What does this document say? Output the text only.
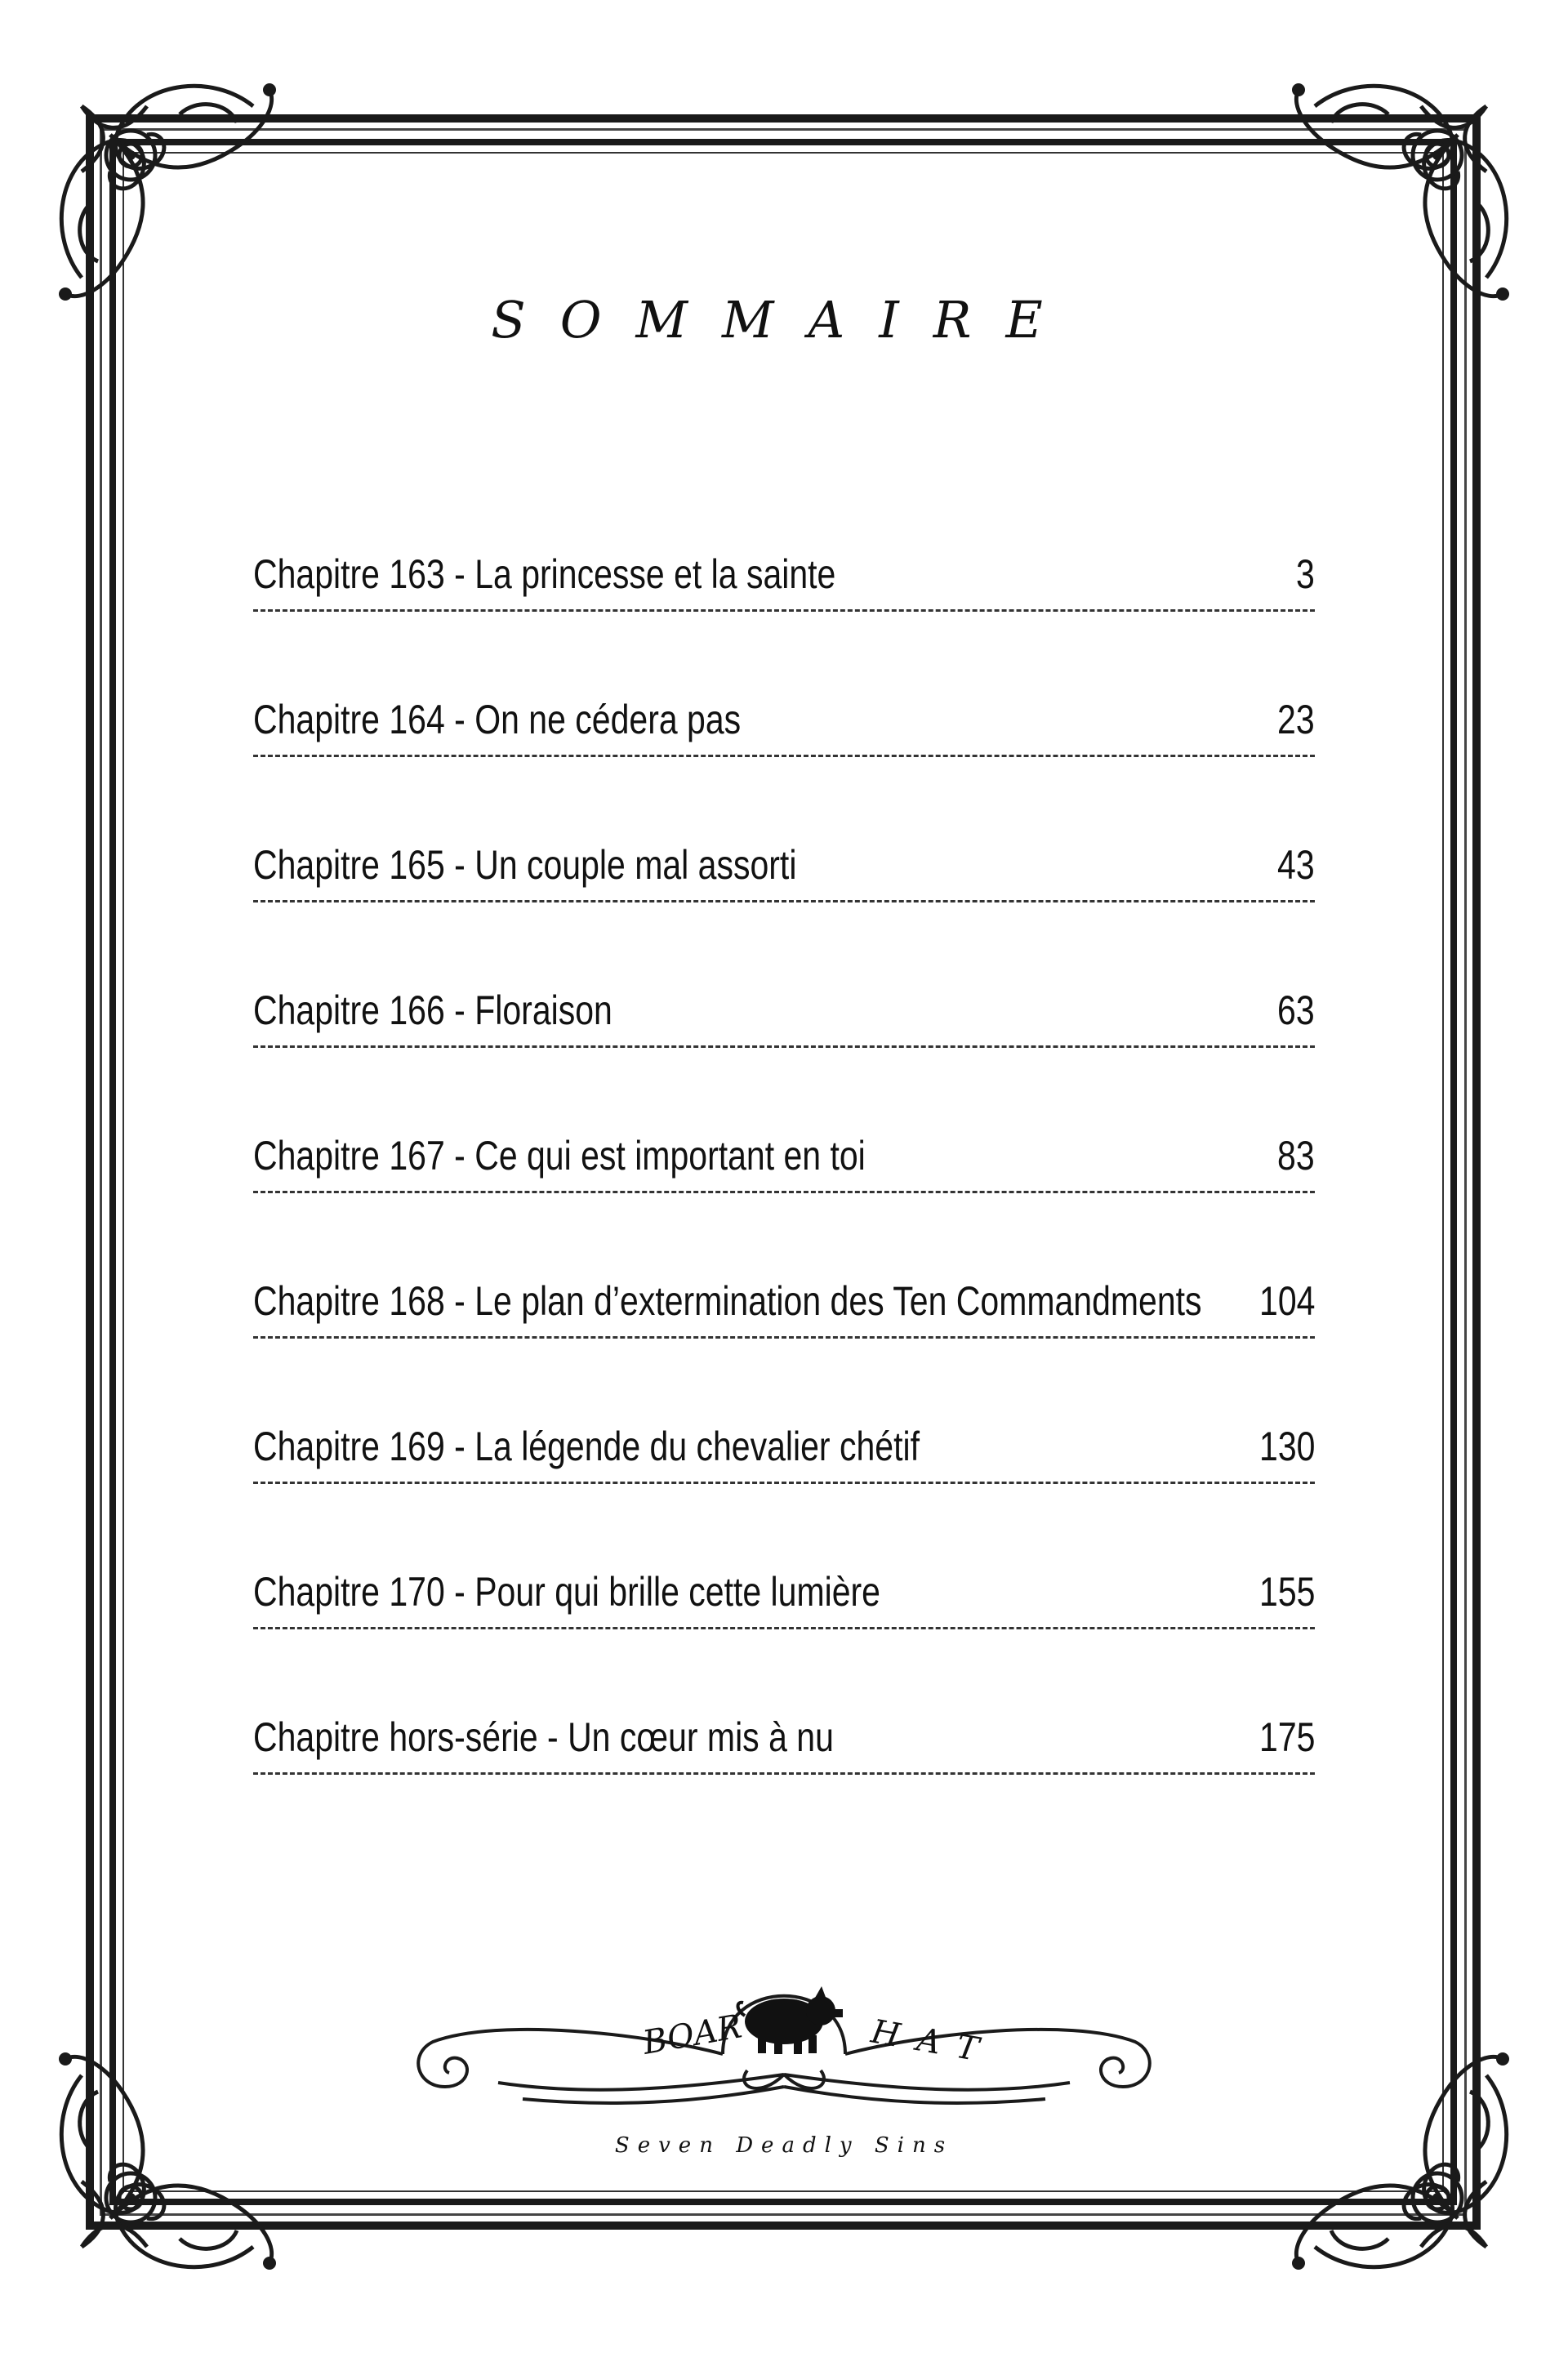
SOMMAIRE
Chapitre 163 - La princesse et la sainte	3
Chapitre 164 - On ne cédera pas	23
Chapitre 165 - Un couple mal assorti	43
Chapitre 166 - Floraison	63
Chapitre 167 - Ce qui est important en toi	83
Chapitre 168 - Le plan d’extermination des Ten Commandments 104
Chapitre 169 - La légende du chevalier chétif	130
Chapitre 170 - Pour qui brille cette lumière	155
Chapitre hors-série - Un cœur mis à nu	175
BOAR	HAT
Seven Deadly Sins
